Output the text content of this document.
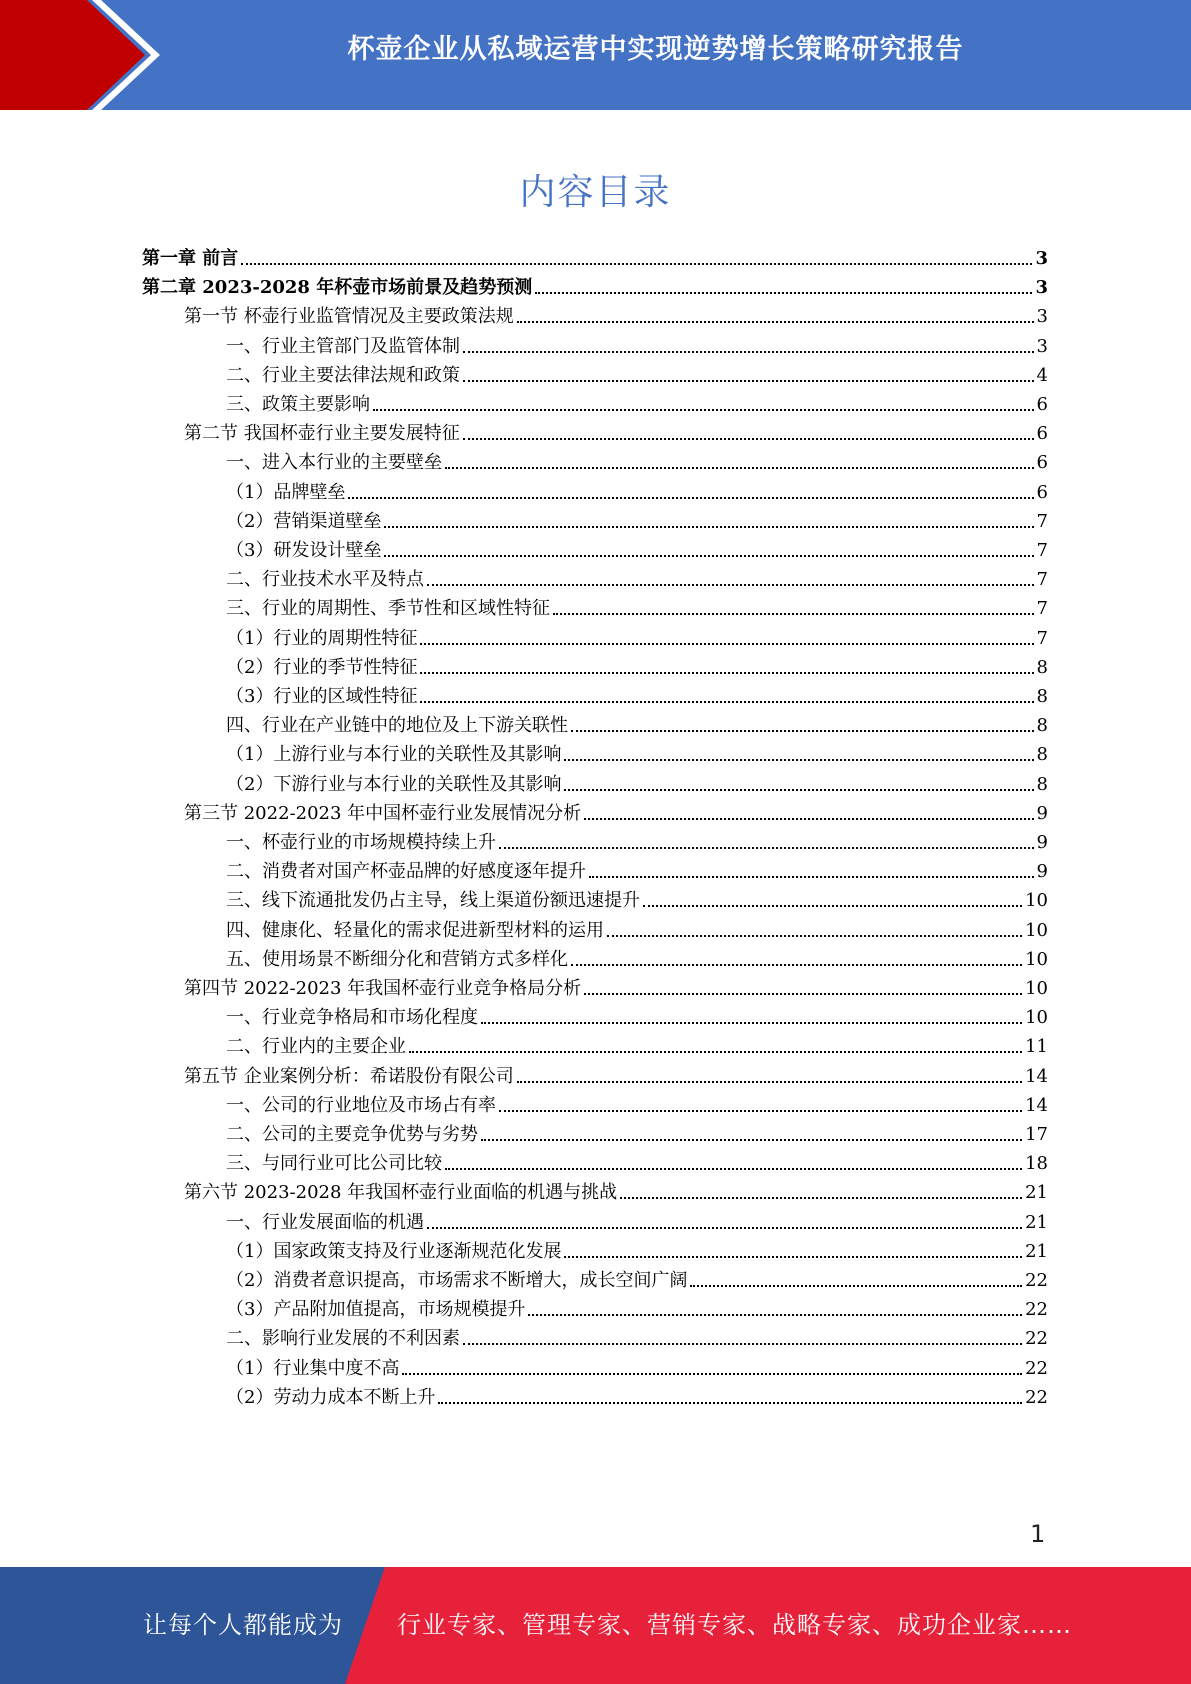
杯壶企业从私域运营中实现逆势增长策略研究报告
内容目录
第一章 前言	3
第二章 2023-2028 年杯壶市场前景及趋势预测	3
第一节 杯壶行业监管情况及主要政策法规	3
一、行业主管部门及监管体制	3
二、行业主要法律法规和政策	4
三、政策主要影响	6
第二节 我国杯壶行业主要发展特征	6
一、进入本行业的主要壁垒	6
（1）品牌壁垒	6
（2）营销渠道壁垒	7
（3）研发设计壁垒	7
二、行业技术水平及特点	7
三、行业的周期性、季节性和区域性特征	7
（1）行业的周期性特征	7
（2）行业的季节性特征	8
（3）行业的区域性特征	8
四、行业在产业链中的地位及上下游关联性	8
（1）上游行业与本行业的关联性及其影响	8
（2）下游行业与本行业的关联性及其影响	8
第三节 2022-2023 年中国杯壶行业发展情况分析	9
一、杯壶行业的市场规模持续上升	9
二、消费者对国产杯壶品牌的好感度逐年提升	9
三、线下流通批发仍占主导，线上渠道份额迅速提升	10
四、健康化、轻量化的需求促进新型材料的运用	10
五、使用场景不断细分化和营销方式多样化	10
第四节 2022-2023 年我国杯壶行业竞争格局分析	10
一、行业竞争格局和市场化程度	10
二、行业内的主要企业	11
第五节 企业案例分析：希诺股份有限公司	14
一、公司的行业地位及市场占有率	14
二、公司的主要竞争优势与劣势	17
三、与同行业可比公司比较	18
第六节 2023-2028 年我国杯壶行业面临的机遇与挑战	21
一、行业发展面临的机遇	21
（1）国家政策支持及行业逐渐规范化发展	21
（2）消费者意识提高，市场需求不断增大，成长空间广阔	22
（3）产品附加值提高，市场规模提升	22
二、影响行业发展的不利因素	22
（1）行业集中度不高	22
（2）劳动力成本不断上升	22
1
让每个人都能成为 行业专家、管理专家、营销专家、战略专家、成功企业家……
